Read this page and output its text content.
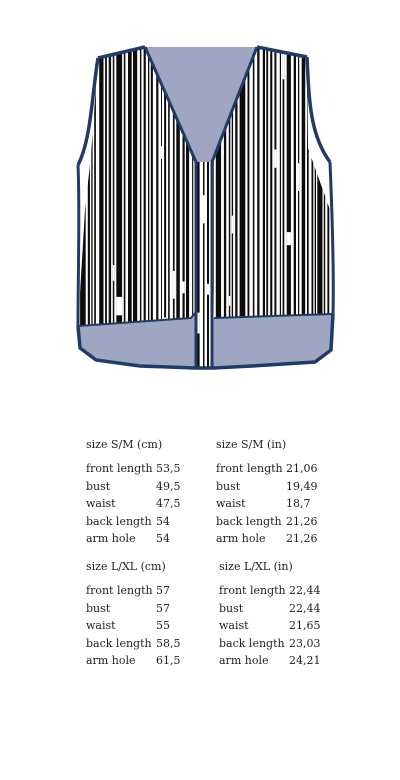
size S/M (cm)
front length	53,5
bust	49,5
waist	47,5
back length	54
arm hole	54
size S/M (in)
front length	21,06
bust	19,49
waist	18,7
back length	21,26
arm hole	21,26
size L/XL (cm)
front length	57
bust	57
waist	55
back length	58,5
arm hole	61,5
size L/XL (in)
front length	22,44
bust	22,44
waist	21,65
back length	23,03
arm hole	24,21
